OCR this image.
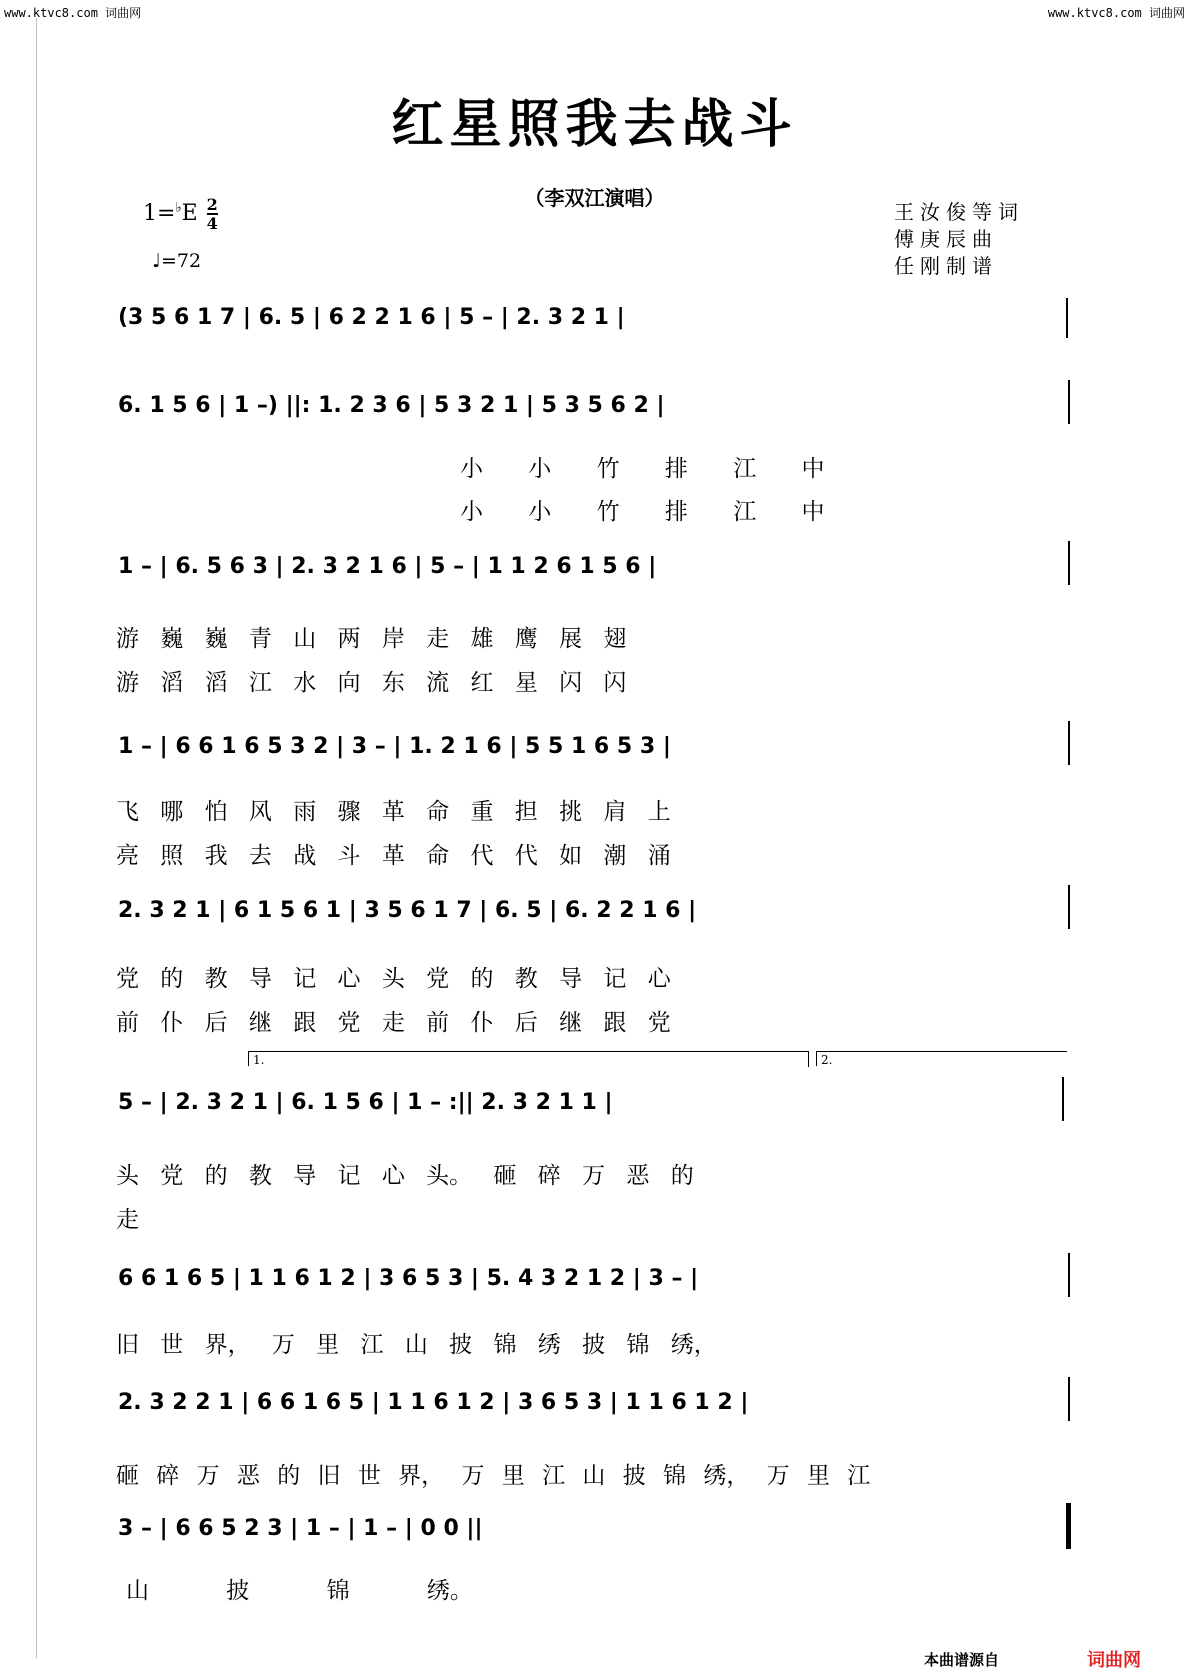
www.ktvc8.com 词曲网	www.ktvc8.com 词曲网
红星照我去战斗
（李双江演唱）
$1=^♭E \frac{2}{4}$
♩=72
王汝俊等词
傅庚辰曲
任刚制谱
(3 5 6 1 7 | 6. 5 | 6 2 2 1 6 | 5 – | 2. 3 2 1 |
6. 1 5 6 | 1 –) ||: 1. 2 3 6 | 5 3 2 1 | 5 3 5 6 2 |
小 小 竹 排 江 中
小 小 竹 排 江 中
1 – | 6. 5 6 3 | 2. 3 2 1 6 | 5 – | 1 1 2 6 1 5 6 |
游 巍 巍 青 山 两 岸 走 雄 鹰 展 翅
游 滔 滔 江 水 向 东 流 红 星 闪 闪
1 – | 6 6 1 6 5 3 2 | 3 – | 1. 2 1 6 | 5 5 1 6 5 3 |
飞 哪 怕 风 雨 骤 革 命 重 担 挑 肩 上
亮 照 我 去 战 斗 革 命 代 代 如 潮 涌
2. 3 2 1 | 6 1 5 6 1 | 3 5 6 1 7 | 6. 5 | 6. 2 2 1 6 |
党 的 教 导 记 心 头 党 的 教 导 记 心
前 仆 后 继 跟 党 走 前 仆 后 继 跟 党
1.	2.
5 – | 2. 3 2 1 | 6. 1 5 6 | 1 – :|| 2. 3 2 1 1 |
头 党 的 教 导 记 心 头。 砸 碎 万 恶 的
走
6 6 1 6 5 | 1 1 6 1 2 | 3 6 5 3 | 5. 4 3 2 1 2 | 3 – |
旧 世 界， 万 里 江 山 披 锦 绣 披 锦 绣，
2. 3 2 2 1 | 6 6 1 6 5 | 1 1 6 1 2 | 3 6 5 3 | 1 1 6 1 2 |
砸 碎 万 恶 的 旧 世 界， 万 里 江 山 披 锦 绣， 万 里 江
3 – | 6 6 5 2 3 | 1 – | 1 – | 0 0 ||
山 披 锦 绣。
本曲谱源自	词曲网
